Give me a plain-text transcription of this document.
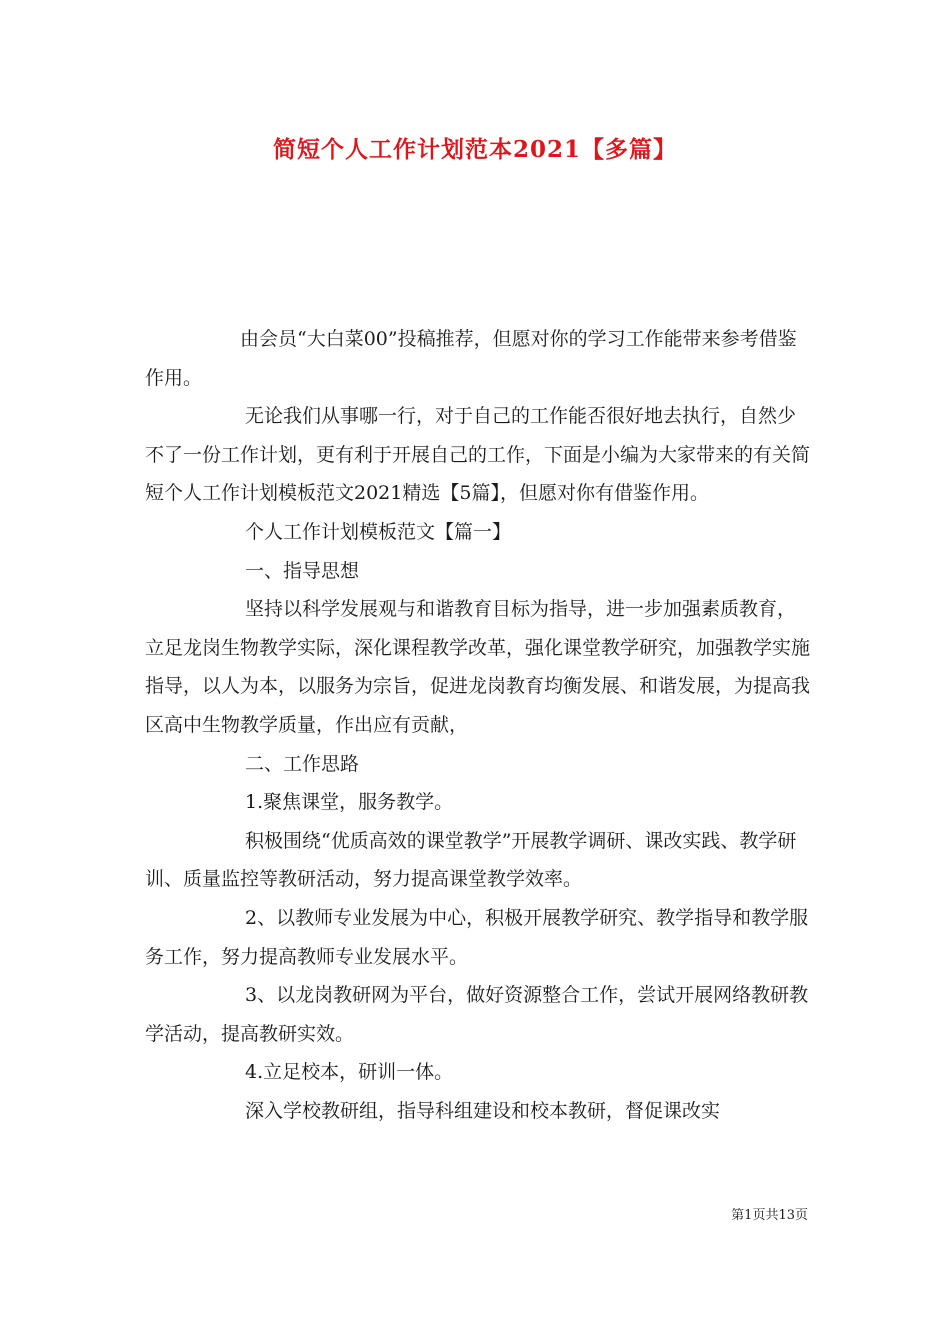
简短个人工作计划范本2021【多篇】

由会员“大白菜00”投稿推荐，但愿对你的学习工作能带来参考借鉴作用。

无论我们从事哪一行，对于自己的工作能否很好地去执行，自然少不了一份工作计划，更有利于开展自己的工作，下面是小编为大家带来的有关简短个人工作计划模板范文2021精选【5篇】，但愿对你有借鉴作用。

个人工作计划模板范文【篇一】

一、指导思想

坚持以科学发展观与和谐教育目标为指导，进一步加强素质教育，立足龙岗生物教学实际，深化课程教学改革，强化课堂教学研究，加强教学实施指导，以人为本，以服务为宗旨，促进龙岗教育均衡发展、和谐发展，为提高我区高中生物教学质量，作出应有贡献，

二、工作思路

1.聚焦课堂，服务教学。

积极围绕“优质高效的课堂教学”开展教学调研、课改实践、教学研训、质量监控等教研活动，努力提高课堂教学效率。

2、以教师专业发展为中心，积极开展教学研究、教学指导和教学服务工作，努力提高教师专业发展水平。

3、以龙岗教研网为平台，做好资源整合工作，尝试开展网络教研教学活动，提高教研实效。

4.立足校本，研训一体。

深入学校教研组，指导科组建设和校本教研，督促课改实

第1页共13页
